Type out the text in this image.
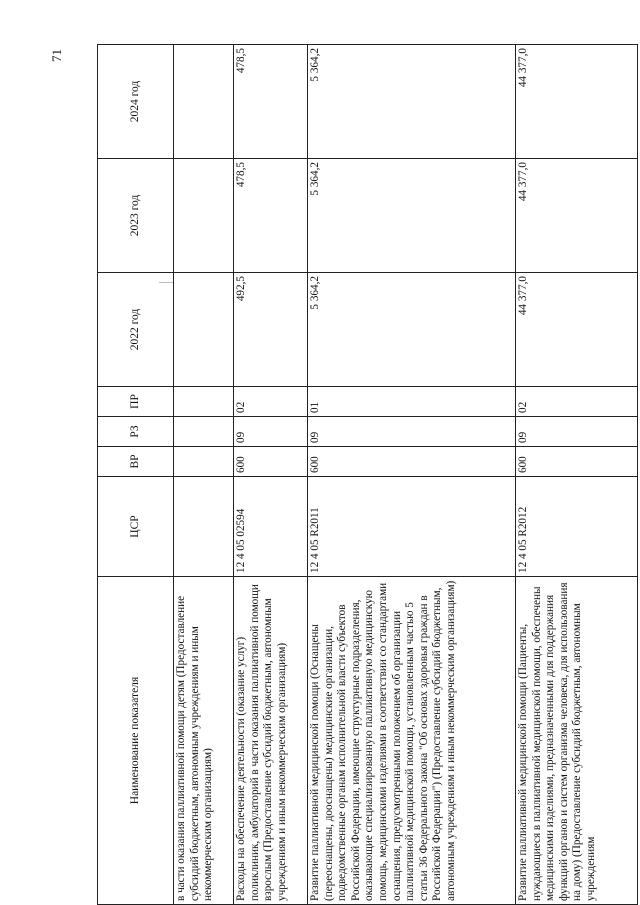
71
Наименование показателя	ЦСР	ВР	РЗ	ПР	2022 год	2023 год	2024 год
в части оказания паллиативной помощи детям (Предоставление субсидий бюджетным, автономным учреждениям и иным некоммерческим организациям)							
Расходы на обеспечение деятельности (оказание услуг) поликлиник, амбулаторий в части оказания паллиативной помощи взрослым (Предоставление субсидий бюджетным, автономным учреждениям и иным некоммерческим организациям)	12 4 05 02594	600	09	02	492,5	478,5	478,5
Развитие паллиативной медицинской помощи (Оснащены (переоснащены, дооснащены) медицинские организации, подведомственные органам исполнительной власти субъектов Российской Федерации, имеющие структурные подразделения, оказывающие специализированную паллиативную медицинскую помощь, медицинскими изделиями в соответствии со стандартами оснащения, предусмотренными положением об организации паллиативной медицинской помощи, установленным частью 5 статьи 36 Федерального закона "Об основах здоровья граждан в Российской Федерации") (Предоставление субсидий бюджетным, автономным учреждениям и иным некоммерческим организациям)	12 4 05 R2011	600	09	01	5 364,2	5 364,2	5 364,2
Развитие паллиативной медицинской помощи (Пациенты, нуждающиеся в паллиативной медицинской помощи, обеспечены медицинскими изделиями, предназначенными для поддержания функций органов и систем организма человека, для использования на дому) (Предоставление субсидий бюджетным, автономным учреждениям	12 4 05 R2012	600	09	02	44 377,0	44 377,0	44 377,0
